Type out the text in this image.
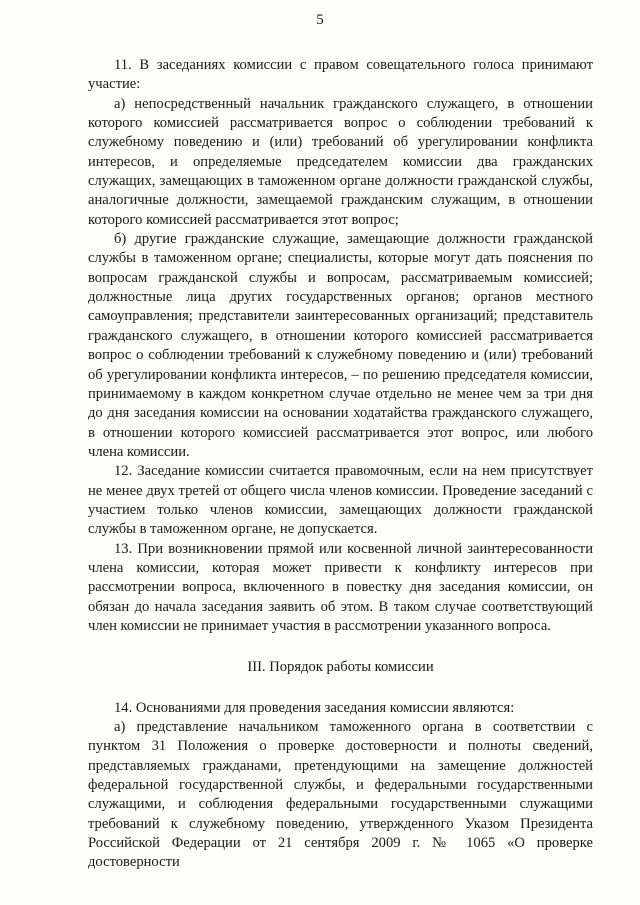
5

11. В заседаниях комиссии с правом совещательного голоса принимают участие:

а) непосредственный начальник гражданского служащего, в отношении которого комиссией рассматривается вопрос о соблюдении требований к служебному поведению и (или) требований об урегулировании конфликта интересов, и определяемые председателем комиссии два гражданских служащих, замещающих в таможенном органе должности гражданской службы, аналогичные должности, замещаемой гражданским служащим, в отношении которого комиссией рассматривается этот вопрос;

б) другие гражданские служащие, замещающие должности гражданской службы в таможенном органе; специалисты, которые могут дать пояснения по вопросам гражданской службы и вопросам, рассматриваемым комиссией; должностные лица других государственных органов; органов местного самоуправления; представители заинтересованных организаций; представитель гражданского служащего, в отношении которого комиссией рассматривается вопрос о соблюдении требований к служебному поведению и (или) требований об урегулировании конфликта интересов, – по решению председателя комиссии, принимаемому в каждом конкретном случае отдельно не менее чем за три дня до дня заседания комиссии на основании ходатайства гражданского служащего, в отношении которого комиссией рассматривается этот вопрос, или любого члена комиссии.

12. Заседание комиссии считается правомочным, если на нем присутствует не менее двух третей от общего числа членов комиссии. Проведение заседаний с участием только членов комиссии, замещающих должности гражданской службы в таможенном органе, не допускается.

13. При возникновении прямой или косвенной личной заинтересованности члена комиссии, которая может привести к конфликту интересов при рассмотрении вопроса, включенного в повестку дня заседания комиссии, он обязан до начала заседания заявить об этом. В таком случае соответствующий член комиссии не принимает участия в рассмотрении указанного вопроса.

III. Порядок работы комиссии

14. Основаниями для проведения заседания комиссии являются:

а) представление начальником таможенного органа в соответствии с пунктом 31 Положения о проверке достоверности и полноты сведений, представляемых гражданами, претендующими на замещение должностей федеральной государственной службы, и федеральными государственными служащими, и соблюдения федеральными государственными служащими требований к служебному поведению, утвержденного Указом Президента Российской Федерации от 21 сентября 2009 г. № 1065 «О проверке достоверности
